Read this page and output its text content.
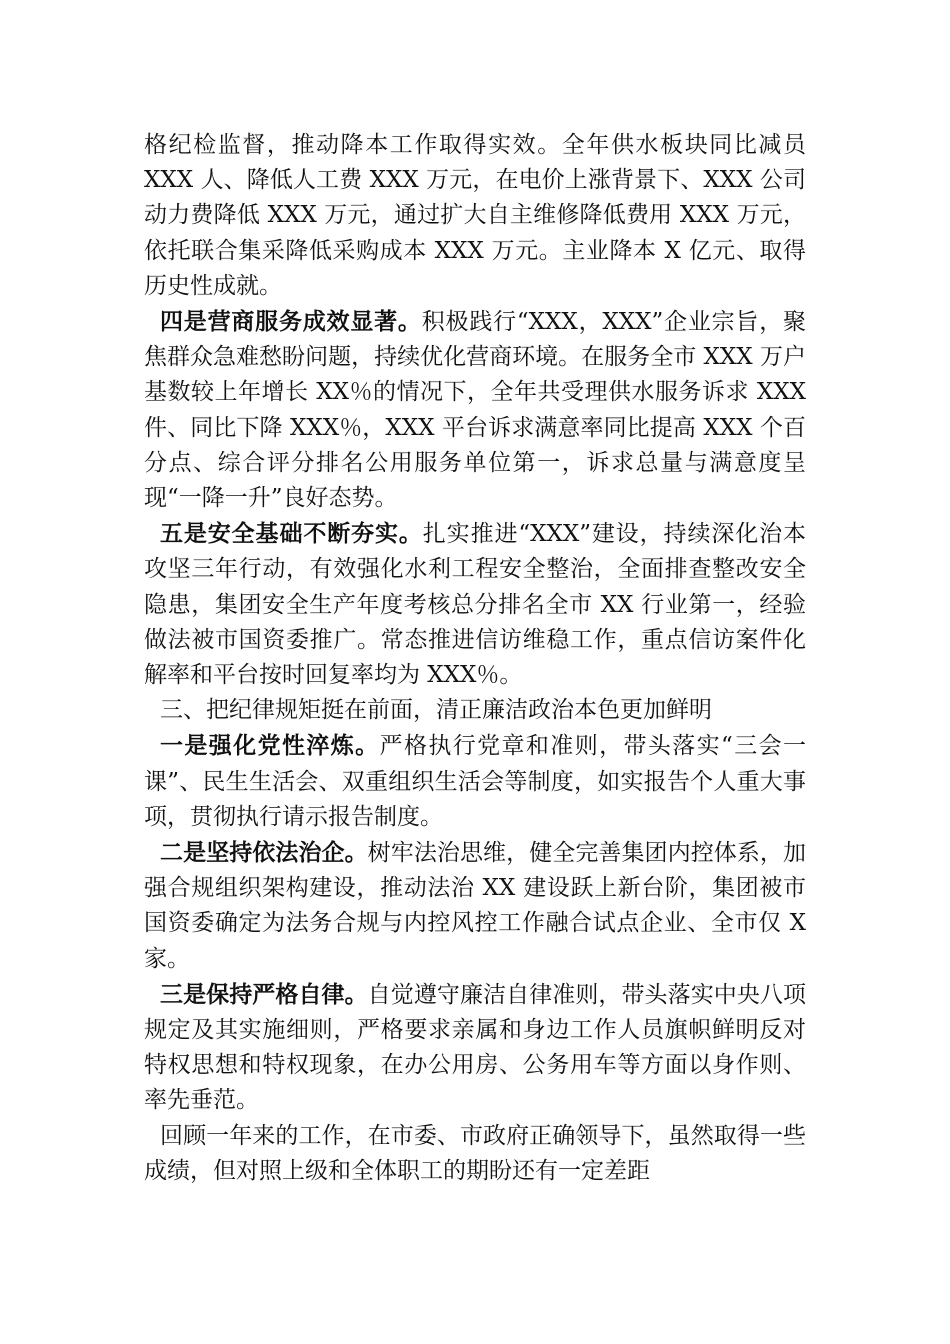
格纪检监督，推动降本工作取得实效。全年供水板块同比减员 XXX 人、降低人工费 XXX 万元，在电价上涨背景下、XXX 公司动力费降低 XXX 万元，通过扩大自主维修降低费用 XXX 万元，依托联合集采降低采购成本 XXX 万元。主业降本 X 亿元、取得历史性成就。

四是营商服务成效显著。积极践行“XXX，XXX”企业宗旨，聚焦群众急难愁盼问题，持续优化营商环境。在服务全市 XXX 万户基数较上年增长 XX％的情况下，全年共受理供水服务诉求 XXX 件、同比下降 XXX％，XXX 平台诉求满意率同比提高 XXX 个百分点、综合评分排名公用服务单位第一，诉求总量与满意度呈现“一降一升”良好态势。

五是安全基础不断夯实。扎实推进“XXX”建设，持续深化治本攻坚三年行动，有效强化水利工程安全整治，全面排查整改安全隐患，集团安全生产年度考核总分排名全市 XX 行业第一，经验做法被市国资委推广。常态推进信访维稳工作，重点信访案件化解率和平台按时回复率均为 XXX％。

三、把纪律规矩挺在前面，清正廉洁政治本色更加鲜明

一是强化党性淬炼。严格执行党章和准则，带头落实“三会一课”、民生生活会、双重组织生活会等制度，如实报告个人重大事项，贯彻执行请示报告制度。

二是坚持依法治企。树牢法治思维，健全完善集团内控体系，加强合规组织架构建设，推动法治 XX 建设跃上新台阶，集团被市国资委确定为法务合规与内控风控工作融合试点企业、全市仅 X 家。

三是保持严格自律。自觉遵守廉洁自律准则，带头落实中央八项规定及其实施细则，严格要求亲属和身边工作人员旗帜鲜明反对特权思想和特权现象，在办公用房、公务用车等方面以身作则、率先垂范。

回顾一年来的工作，在市委、市政府正确领导下，虽然取得一些成绩，但对照上级和全体职工的期盼还有一定差距
